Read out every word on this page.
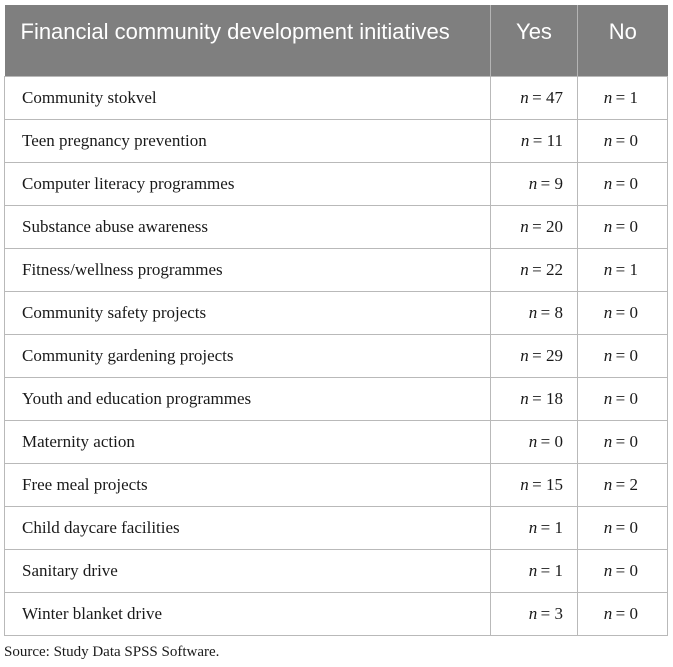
Financial community development initiatives	Yes	No
Community stokvel	n  = 47	n  = 1
Teen pregnancy prevention	n  = 11	n  = 0
Computer literacy programmes	n  = 9	n  = 0
Substance abuse awareness	n  = 20	n  = 0
Fitness/wellness programmes	n  = 22	n  = 1
Community safety projects	n  = 8	n  = 0
Community gardening projects	n  = 29	n  = 0
Youth and education programmes	n  = 18	n  = 0
Maternity action	n  = 0	n  = 0
Free meal projects	n  = 15	n  = 2
Child daycare facilities	n  = 1	n  = 0
Sanitary drive	n  = 1	n  = 0
Winter blanket drive	n  = 3	n  = 0
Source: Study Data SPSS Software.
